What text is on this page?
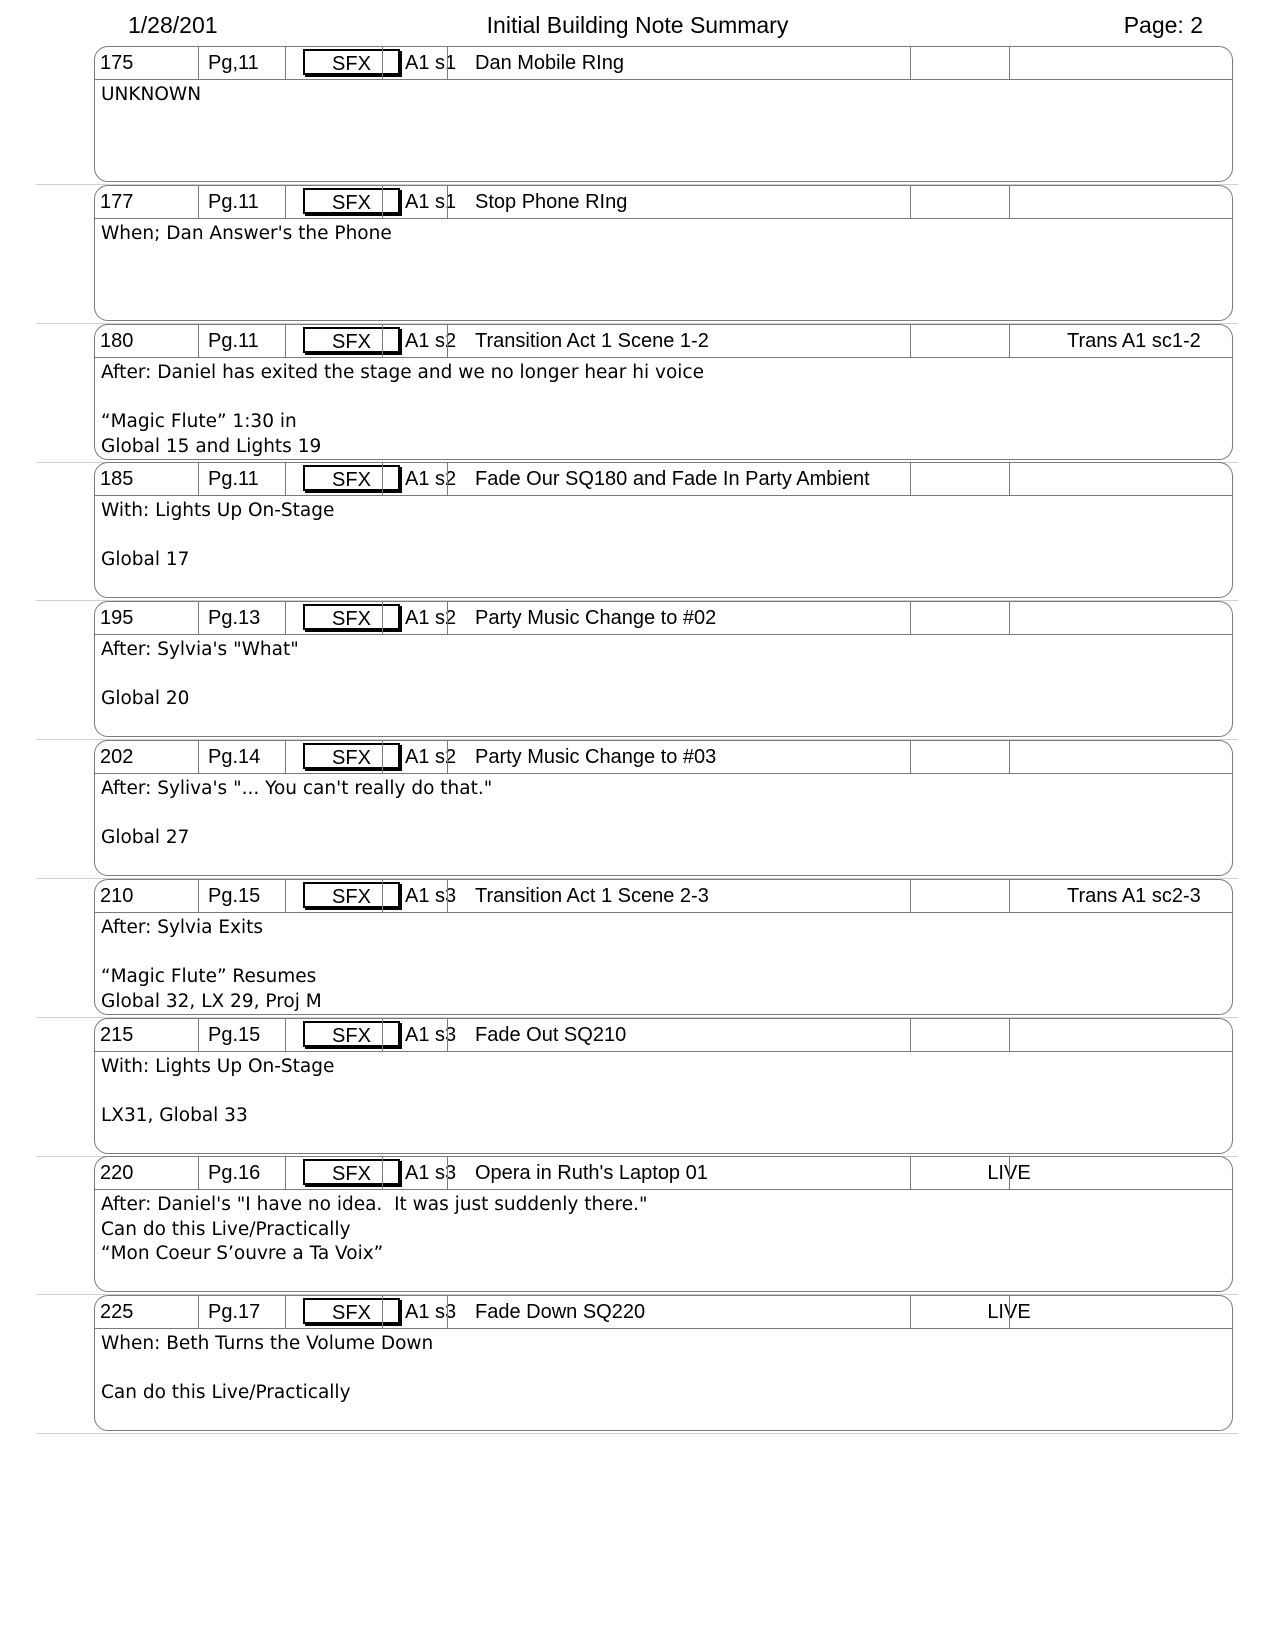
1/28/201	Initial Building Note Summary	Page: 2
175	Pg,11	SFX	A1 s1 Dan Mobile RIng
UNKNOWN
177	Pg.11	SFX	A1 s1 Stop Phone RIng
When; Dan Answer's the Phone
180	Pg.11	SFX	A1 s2 Transition Act 1 Scene 1-2	Trans A1 sc1-2
After: Daniel has exited the stage and we no longer hear hi voice
“Magic Flute” 1:30 in
Global 15 and Lights 19
185	Pg.11	SFX	A1 s2 Fade Our SQ180 and Fade In Party Ambient
With: Lights Up On-Stage
Global 17
195	Pg.13	SFX	A1 s2 Party Music Change to #02
After: Sylvia's "What"
Global 20
202	Pg.14	SFX	A1 s2 Party Music Change to #03
After: Syliva's "... You can't really do that."
Global 27
210	Pg.15	SFX	A1 s3 Transition Act 1 Scene 2-3	Trans A1 sc2-3
After: Sylvia Exits
“Magic Flute” Resumes
Global 32, LX 29, Proj M
215	Pg.15	SFX	A1 s3 Fade Out SQ210
With: Lights Up On-Stage
LX31, Global 33
220	Pg.16	SFX	A1 s3 Opera in Ruth's Laptop 01	LIVE
After: Daniel's "I have no idea.  It was just suddenly there."
Can do this Live/Practically
“Mon Coeur S’ouvre a Ta Voix”
225	Pg.17	SFX	A1 s3 Fade Down SQ220	LIVE
When: Beth Turns the Volume Down
Can do this Live/Practically
